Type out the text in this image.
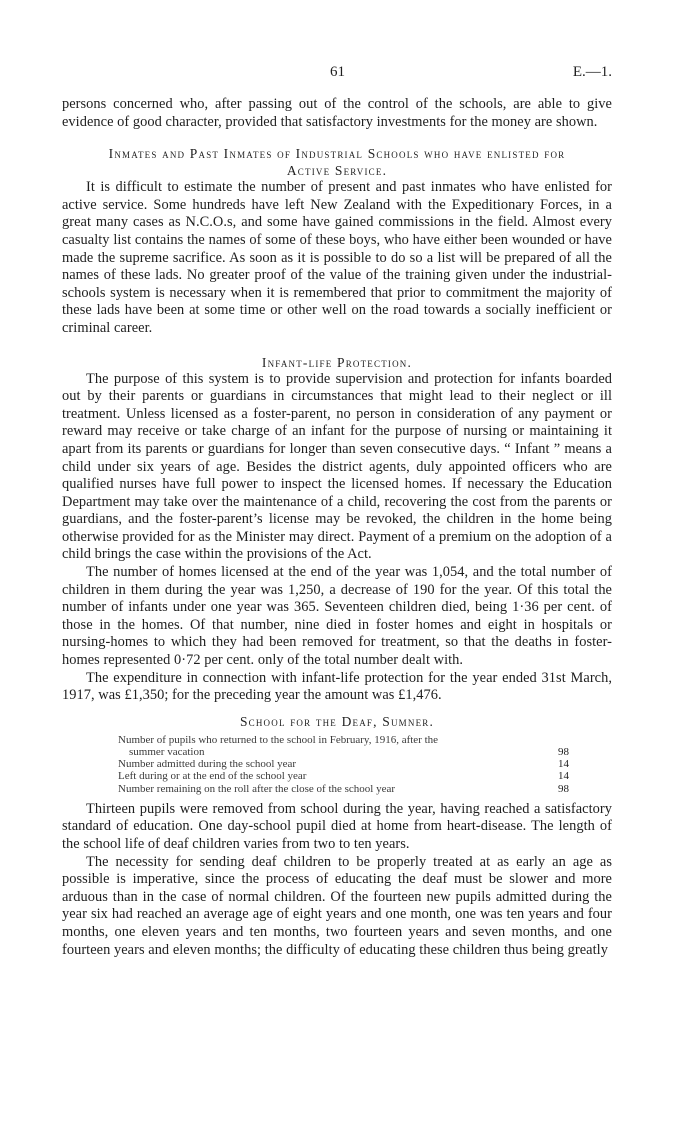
61	E.—1.

persons concerned who, after passing out of the control of the schools, are able to give evidence of good character, provided that satisfactory investments for the money are shown.

Inmates and Past Inmates of Industrial Schools who have enlisted for
Active Service.

It is difficult to estimate the number of present and past inmates who have enlisted for active service. Some hundreds have left New Zealand with the Expeditionary Forces, in a great many cases as N.C.O.s, and some have gained commissions in the field. Almost every casualty list contains the names of some of these boys, who have either been wounded or have made the supreme sacrifice. As soon as it is possible to do so a list will be prepared of all the names of these lads. No greater proof of the value of the training given under the industrial-schools system is necessary when it is remembered that prior to commitment the majority of these lads have been at some time or other well on the road towards a socially inefficient or criminal career.

Infant-life Protection.

The purpose of this system is to provide supervision and protection for infants boarded out by their parents or guardians in circumstances that might lead to their neglect or ill treatment. Unless licensed as a foster-parent, no person in consideration of any payment or reward may receive or take charge of an infant for the purpose of nursing or maintaining it apart from its parents or guardians for longer than seven consecutive days. “ Infant ” means a child under six years of age. Besides the district agents, duly appointed officers who are qualified nurses have full power to inspect the licensed homes. If necessary the Education Department may take over the maintenance of a child, recovering the cost from the parents or guardians, and the foster-parent’s license may be revoked, the children in the home being otherwise provided for as the Minister may direct. Payment of a premium on the adoption of a child brings the case within the provisions of the Act.

The number of homes licensed at the end of the year was 1,054, and the total number of children in them during the year was 1,250, a decrease of 190 for the year. Of this total the number of infants under one year was 365. Seventeen children died, being 1·36 per cent. of those in the homes. Of that number, nine died in foster homes and eight in hospitals or nursing-homes to which they had been removed for treatment, so that the deaths in foster-homes represented 0·72 per cent. only of the total number dealt with.

The expenditure in connection with infant-life protection for the year ended 31st March, 1917, was £1,350; for the preceding year the amount was £1,476.

School for the Deaf, Sumner.
Number of pupils who returned to the school in February, 1916, after the
summer vacation	98
Number admitted during the school year	14
Left during or at the end of the school year	14
Number remaining on the roll after the close of the school year	98

Thirteen pupils were removed from school during the year, having reached a satisfactory standard of education. One day-school pupil died at home from heart-disease. The length of the school life of deaf children varies from two to ten years.

The necessity for sending deaf children to be properly treated at as early an age as possible is imperative, since the process of educating the deaf must be slower and more arduous than in the case of normal children. Of the fourteen new pupils admitted during the year six had reached an average age of eight years and one month, one was ten years and four months, one eleven years and ten months, two fourteen years and seven months, and one fourteen years and eleven months; the difficulty of educating these children thus being greatly
